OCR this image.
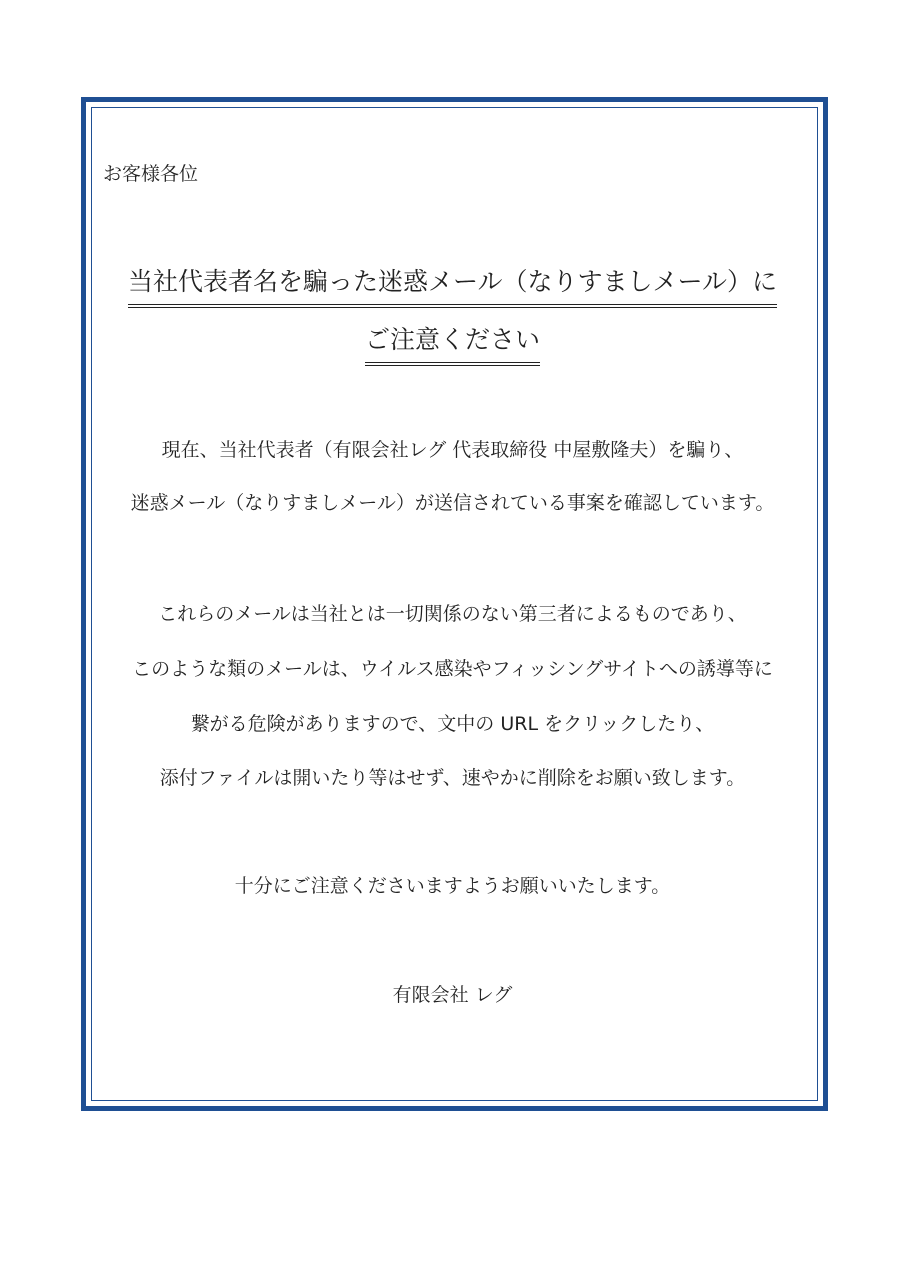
お客様各位
当社代表者名を騙った迷惑メール（なりすましメール）に
ご注意ください
現在、当社代表者（有限会社レグ 代表取締役 中屋敷隆夫）を騙り、
迷惑メール（なりすましメール）が送信されている事案を確認しています。
これらのメールは当社とは一切関係のない第三者によるものであり、
このような類のメールは、ウイルス感染やフィッシングサイトへの誘導等に
繋がる危険がありますので、文中の URL をクリックしたり、
添付ファイルは開いたり等はせず、速やかに削除をお願い致します。
十分にご注意くださいますようお願いいたします。
有限会社 レグ
